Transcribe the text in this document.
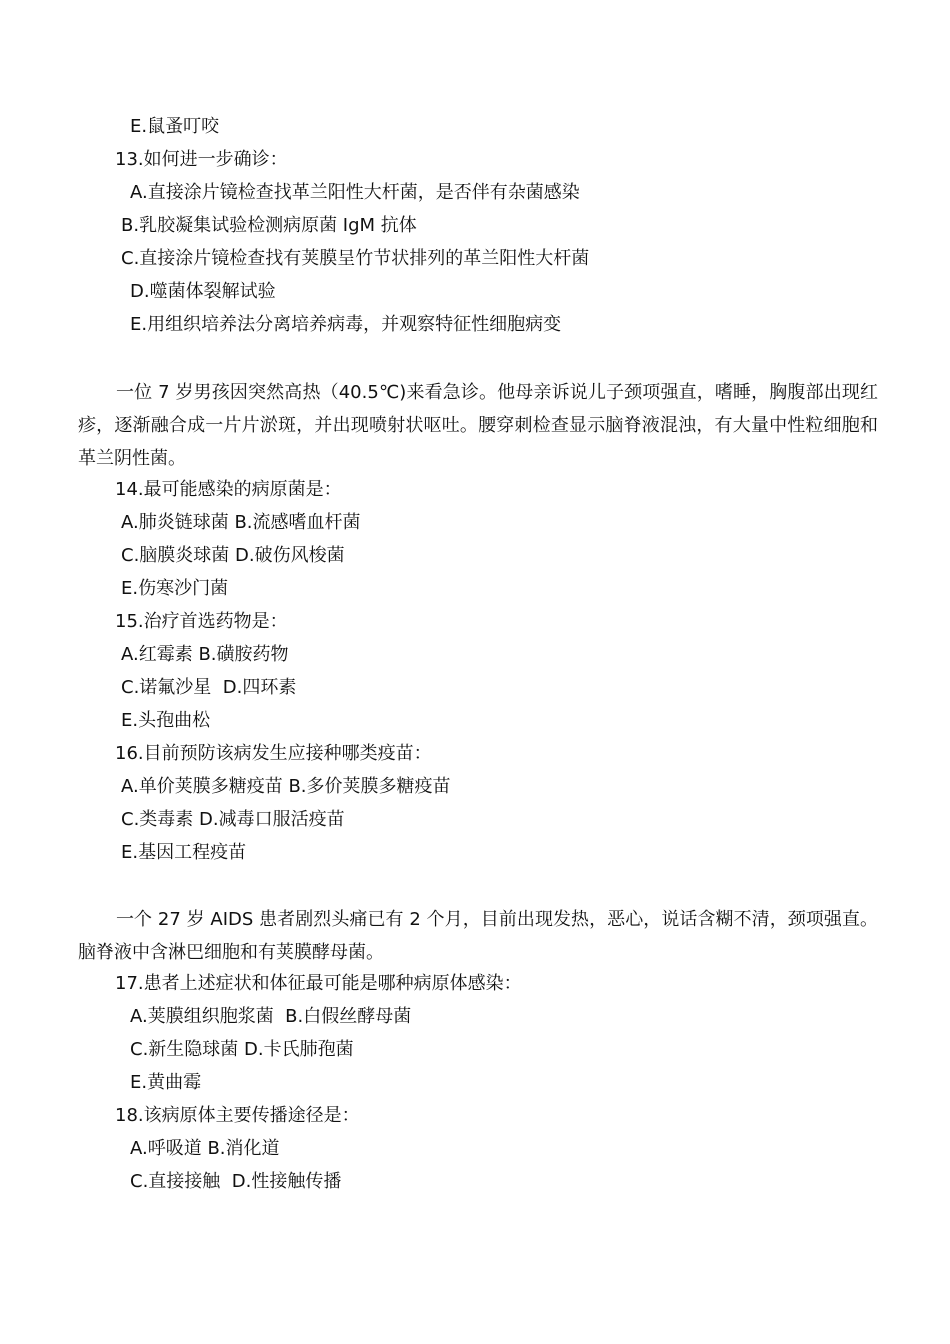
E.鼠蚤叮咬
13.如何进一步确诊：
A.直接涂片镜检查找革兰阳性大杆菌，是否伴有杂菌感染
B.乳胶凝集试验检测病原菌 IgM 抗体
C.直接涂片镜检查找有荚膜呈竹节状排列的革兰阳性大杆菌
D.噬菌体裂解试验
E.用组织培养法分离培养病毒，并观察特征性细胞病变
一位 7 岁男孩因突然高热（40.5℃)来看急诊。他母亲诉说儿子颈项强直，嗜睡，胸腹部出现红疹，逐渐融合成一片片淤斑，并出现喷射状呕吐。腰穿刺检查显示脑脊液混浊，有大量中性粒细胞和革兰阴性菌。
14.最可能感染的病原菌是：
A.肺炎链球菌 B.流感嗜血杆菌
C.脑膜炎球菌 D.破伤风梭菌
E.伤寒沙门菌
15.治疗首选药物是：
A.红霉素 B.磺胺药物
C.诺氟沙星  D.四环素
E.头孢曲松
16.目前预防该病发生应接种哪类疫苗：
A.单价荚膜多糖疫苗 B.多价荚膜多糖疫苗
C.类毒素 D.减毒口服活疫苗
E.基因工程疫苗
一个 27 岁 AIDS 患者剧烈头痛已有 2 个月，目前出现发热，恶心，说话含糊不清，颈项强直。脑脊液中含淋巴细胞和有荚膜酵母菌。
17.患者上述症状和体征最可能是哪种病原体感染：
A.荚膜组织胞浆菌  B.白假丝酵母菌
C.新生隐球菌 D.卡氏肺孢菌
E.黄曲霉
18.该病原体主要传播途径是：
A.呼吸道 B.消化道
C.直接接触  D.性接触传播
